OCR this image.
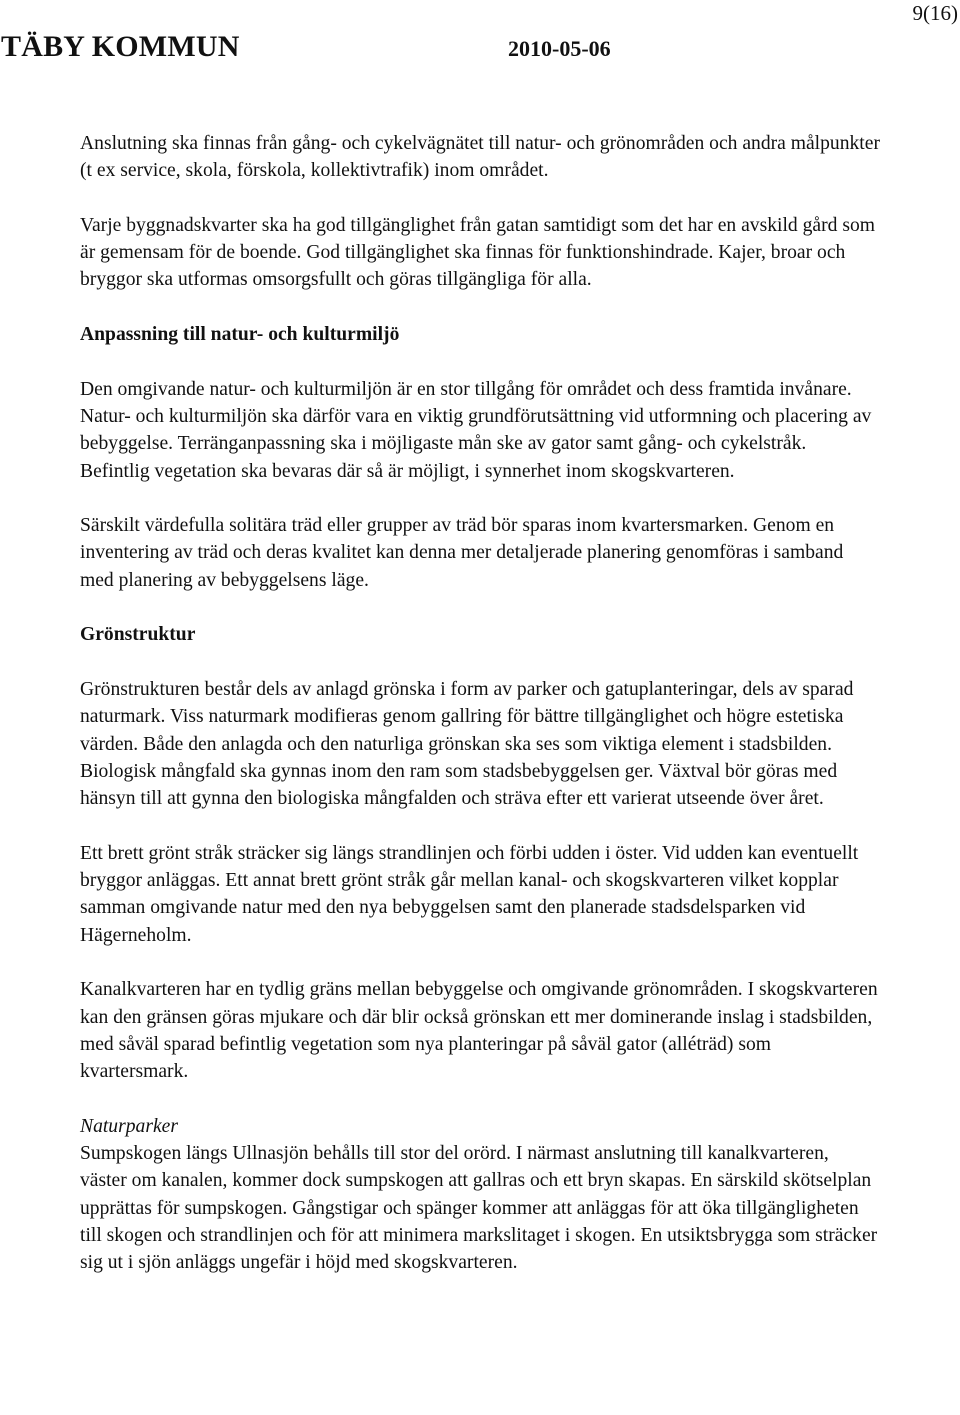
9(16)
TÄBY KOMMUN	2010-05-06

Anslutning ska finnas från gång- och cykelvägnätet till natur- och grönområden och andra målpunkter (t ex service, skola, förskola, kollektivtrafik) inom området.

Varje byggnadskvarter ska ha god tillgänglighet från gatan samtidigt som det har en avskild gård som är gemensam för de boende. God tillgänglighet ska finnas för funktionshindrade. Kajer, broar och bryggor ska utformas omsorgsfullt och göras tillgängliga för alla.

Anpassning till natur- och kulturmiljö

Den omgivande natur- och kulturmiljön är en stor tillgång för området och dess framtida invånare. Natur- och kulturmiljön ska därför vara en viktig grundförutsättning vid utformning och placering av bebyggelse. Terränganpassning ska i möjligaste mån ske av gator samt gång- och cykelstråk. Befintlig vegetation ska bevaras där så är möjligt, i synnerhet inom skogskvarteren.

Särskilt värdefulla solitära träd eller grupper av träd bör sparas inom kvartersmarken. Genom en inventering av träd och deras kvalitet kan denna mer detaljerade planering genomföras i samband med planering av bebyggelsens läge.

Grönstruktur

Grönstrukturen består dels av anlagd grönska i form av parker och gatuplanteringar, dels av sparad naturmark. Viss naturmark modifieras genom gallring för bättre tillgänglighet och högre estetiska värden. Både den anlagda och den naturliga grönskan ska ses som viktiga element i stadsbilden. Biologisk mångfald ska gynnas inom den ram som stadsbebyggelsen ger. Växtval bör göras med hänsyn till att gynna den biologiska mångfalden och sträva efter ett varierat utseende över året.

Ett brett grönt stråk sträcker sig längs strandlinjen och förbi udden i öster. Vid udden kan eventuellt bryggor anläggas. Ett annat brett grönt stråk går mellan kanal- och skogskvarteren vilket kopplar samman omgivande natur med den nya bebyggelsen samt den planerade stadsdelsparken vid Hägerneholm.

Kanalkvarteren har en tydlig gräns mellan bebyggelse och omgivande grönområden. I skogskvarteren kan den gränsen göras mjukare och där blir också grönskan ett mer dominerande inslag i stadsbilden, med såväl sparad befintlig vegetation som nya planteringar på såväl gator (alléträd) som kvartersmark.

Naturparker

Sumpskogen längs Ullnasjön behålls till stor del orörd. I närmast anslutning till kanalkvarteren, väster om kanalen, kommer dock sumpskogen att gallras och ett bryn skapas. En särskild skötselplan upprättas för sumpskogen. Gångstigar och spänger kommer att anläggas för att öka tillgängligheten till skogen och strandlinjen och för att minimera markslitaget i skogen. En utsiktsbrygga som sträcker sig ut i sjön anläggs ungefär i höjd med skogskvarteren.
